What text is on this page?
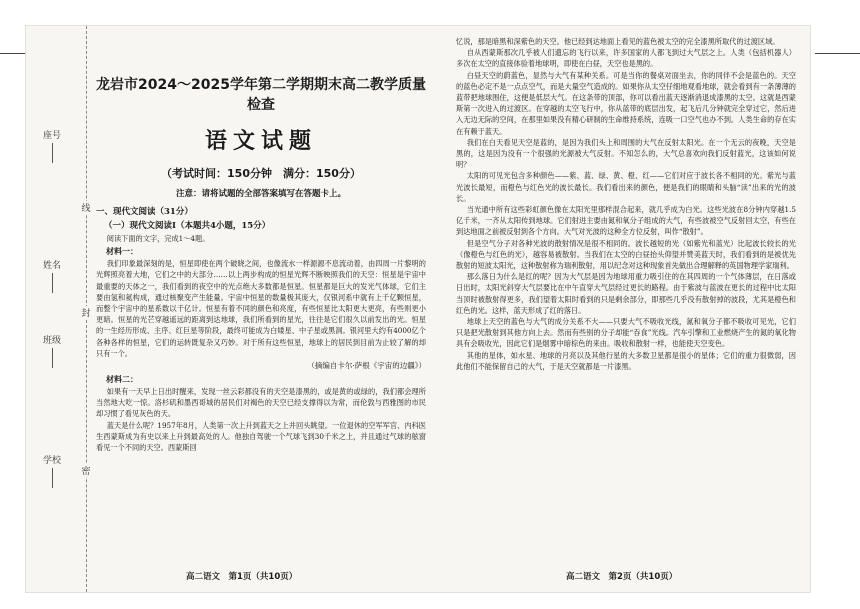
座号
姓名
班级
学校
线
封
密
龙岩市2024～2025学年第二学期期末高二教学质量检查
语文试题
（考试时间：150分钟　满分：150分）
注意：请将试题的全部答案填写在答题卡上。
一、现代文阅读（31分）
（一）现代文阅读Ⅰ（本题共4小题，15分）

阅读下面的文字，完成1～4题。

材料一：

我们印象最深刻的是，恒星即使在两个破晓之间，也像流水一样源源不息流动着，由四周一片黎明的光辉照亮着大地，它们之中的大部分……以上两步构成的恒星光辉不断映照我们的天空：恒星是宇宙中最重要的天体之一，我们看到的夜空中的光点绝大多数都是恒星。恒星都是巨大的发光气体球，它们主要由氢和氦构成，通过核聚变产生能量。宇宙中恒星的数量极其庞大，仅银河系中就有上千亿颗恒星，而整个宇宙中的星系数以千亿计。恒星有着不同的颜色和亮度，有些恒星比太阳更大更亮，有些则更小更暗。恒星的光芒穿越遥远的距离到达地球，我们所看到的星光，往往是它们很久以前发出的光。恒星的一生经历形成、主序、红巨星等阶段，最终可能成为白矮星、中子星或黑洞。银河里大约有4000亿个各种各样的恒星，它们的运转既复杂又巧妙。对于所有这些恒星，地球上的居民到目前为止较了解的却只有一个。

（摘编自卡尔·萨根《宇宙的边疆》）
材料二：

如果有一天早上日出时醒来，发现一丝云彩都没有的天空是漆黑的，或是黄的或绿的，我们都会理所当然地大吃一惊。洛杉矶和墨西哥城的居民们对褐色的天空已经支撑得以为常，而伦敦与西雅图的市民却习惯了看见灰色的天。

蓝天是什么呢？1957年8月，人类第一次上升到蓝天之上并回头眺望。一位退休的空军军官、内科医生西蒙斯成为有史以来上升到最高处的人。他独自驾驶一个气球飞到30千米之上，并且通过气球的舷窗看见一个不同的天空。西蒙斯回

忆说，那是暗黑和深紫色的天空。他已经到达地面上看见的蓝色被太空的完全漆黑所取代的过渡区域。

自从西蒙斯那次几乎被人们遗忘的飞行以来，许多国家的人都飞到过大气层之上。人类（包括机器人）多次在太空的直接体验着地球明，即使在白昼，天空也是黑的。

白昼天空的蔚蓝色，显然与大气有某种关系。可是当你的餐桌对面坐去，你的同伴不会是蓝色的。天空的蓝色必定不是一点点空气，而是大量空气造成的。如果你从太空仔细地观看地球，就会看到有一条薄薄的蓝带把地球围住，这便是低层大气。在这条带的顶部，你可以看出蓝天逐渐消退成漆黑的太空。这就是西蒙斯第一次进入的过渡区。在穿越的太空飞行中，你从蓝带的底层出发，起飞后几分钟就完全穿过它，然后进入无边无际的空间，在那里如果没有精心研制的生命维持系统，连吸一口空气也办不到。人类生命的存在实在有赖于蓝天。

我们在白天看见天空是蓝的，是因为我们头上和周围的大气在反射太阳光。在一个无云的夜晚，天空是黑的，这是因为没有一个很强的光源被大气反射。不知怎么的，大气总喜欢向我们反射蓝光，这该如何说明？

太阳的可见光包含多种颜色——紫、蓝、绿、黄、橙、红——它们对应于波长各不相同的光。紫光与蓝光波长最短，而橙色与红色光的波长最长。我们看出来的颜色，便是我们的眼睛和头脑“读”出来的光的波长。

当光通中所有这些彩虹颜色像在太阳光里那样混合起来，就几乎成为白光。这些光波在8分钟内穿越1.5亿千米，一齐从太阳传到地球。它们射进主要由氮和氧分子组成的大气，有些波被空气反射回太空，有些在到达地面之前被反射到各个方向。大气对光波的这种全方位反射，叫作“散射”。

但是空气分子对各种光波的散射情况是很不相同的。波长越短的光（如紫光和蓝光）比起波长较长的光（像橙色与红色的光），越容易被散射。当我们在太空的白昼抬头仰望并赞美蓝天时，我们看到的是被优先散射的短波太阳光，这种散射称为瑞利散射，用以纪念对这种现象首先做出合理解释的英国物理学家瑞利。

那么落日为什么是红的呢？因为大气层是因为地球用重力吸引住的在其四周的一个气体薄层，在日落或日出时，太阳光斜穿大气层要比在中午直穿大气层经过更长的路程。由于紫波与蓝波在更长的过程中比太阳当顶时被散射得更多，我们望着太阳时看到的只是剩余部分，即那些几乎没有散射掉的波段，尤其是橙色和红色的光。这样，蓝天形成了红的落日。

地球上天空的蓝色与大气的成分关系不大——只要大气不吸收光线，氮和氧分子都不吸收可见光，它们只是把光散射到其他方向上去。然而有些别的分子却能“吞食”光线。汽车引擎和工业燃烧产生的氮的氧化物具有会吸收光，因此它们是烟雾中暗棕色的来由。吸收和散射一样，也能使天空变色。

其他的星体，如水星、地球的月亮以及其他行星的大多数卫星都是很小的星体；它们的重力很微弱，因此他们不能保留自己的大气，于是天空就都是一片漆黑。

高二语文　第1页（共10页）	高二语文　第2页（共10页）
